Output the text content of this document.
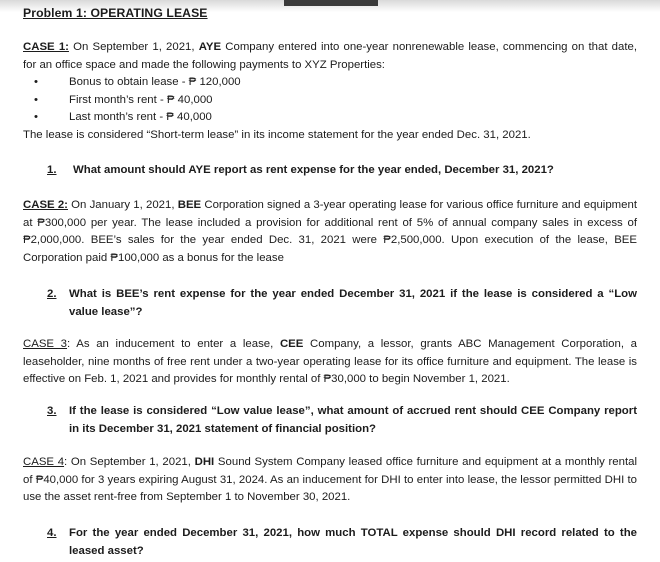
Problem 1: OPERATING LEASE

CASE 1: On September 1, 2021, AYE Company entered into one-year nonrenewable lease, commencing on that date, for an office space and made the following payments to XYZ Properties:

•	Bonus to obtain lease - ₱ 120,000
•	First month’s rent - ₱ 40,000
•	Last month’s rent - ₱ 40,000

The lease is considered “Short-term lease” in its income statement for the year ended Dec. 31, 2021.

1.	What amount should AYE report as rent expense for the year ended, December 31, 2021?

CASE 2: On January 1, 2021, BEE Corporation signed a 3-year operating lease for various office furniture and equipment at ₱300,000 per year. The lease included a provision for additional rent of 5% of annual company sales in excess of ₱2,000,000. BEE’s sales for the year ended Dec. 31, 2021 were ₱2,500,000. Upon execution of the lease, BEE Corporation paid ₱100,000 as a bonus for the lease

2.	What is BEE’s rent expense for the year ended December 31, 2021 if the lease is considered a “Low value lease”?

CASE 3: As an inducement to enter a lease, CEE Company, a lessor, grants ABC Management Corporation, a leaseholder, nine months of free rent under a two-year operating lease for its office furniture and equipment. The lease is effective on Feb. 1, 2021 and provides for monthly rental of ₱30,000 to begin November 1, 2021.

3.	If the lease is considered “Low value lease”, what amount of accrued rent should CEE Company report in its December 31, 2021 statement of financial position?

CASE 4: On September 1, 2021, DHI Sound System Company leased office furniture and equipment at a monthly rental of ₱40,000 for 3 years expiring August 31, 2024. As an inducement for DHI to enter into lease, the lessor permitted DHI to use the asset rent-free from September 1 to November 30, 2021.

4.	For the year ended December 31, 2021, how much TOTAL expense should DHI record related to the leased asset?
